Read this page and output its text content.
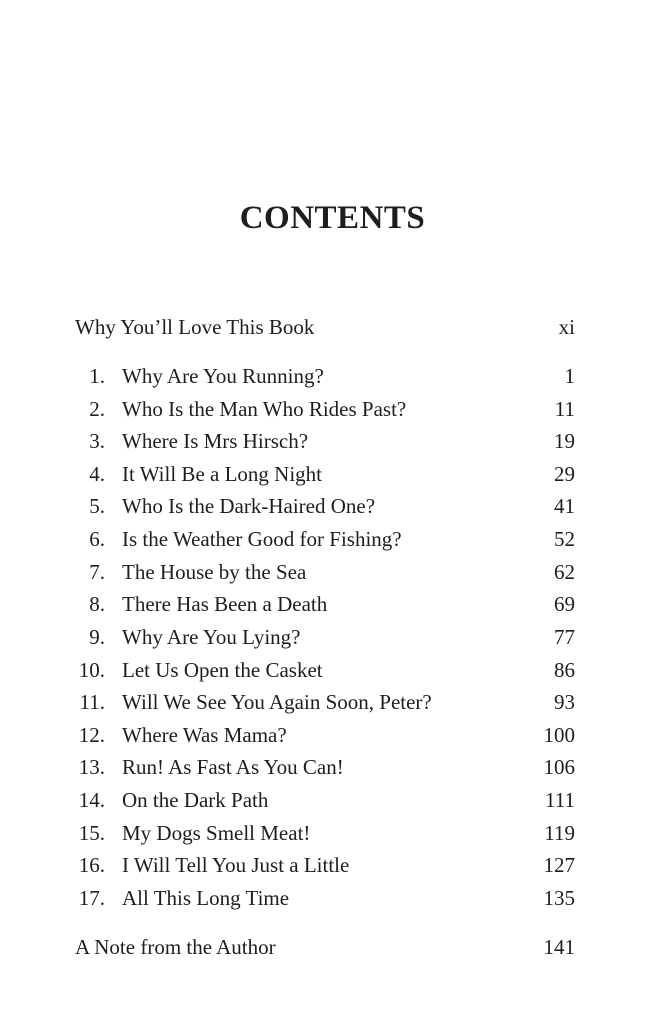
CONTENTS
Why You’ll Love This Book	xi
1. Why Are You Running?	1
2. Who Is the Man Who Rides Past?	11
3. Where Is Mrs Hirsch?	19
4. It Will Be a Long Night	29
5. Who Is the Dark-Haired One?	41
6. Is the Weather Good for Fishing?	52
7. The House by the Sea	62
8. There Has Been a Death	69
9. Why Are You Lying?	77
10. Let Us Open the Casket	86
11. Will We See You Again Soon, Peter?	93
12. Where Was Mama?	100
13. Run! As Fast As You Can!	106
14. On the Dark Path	111
15. My Dogs Smell Meat!	119
16. I Will Tell You Just a Little	127
17. All This Long Time	135
A Note from the Author	141
